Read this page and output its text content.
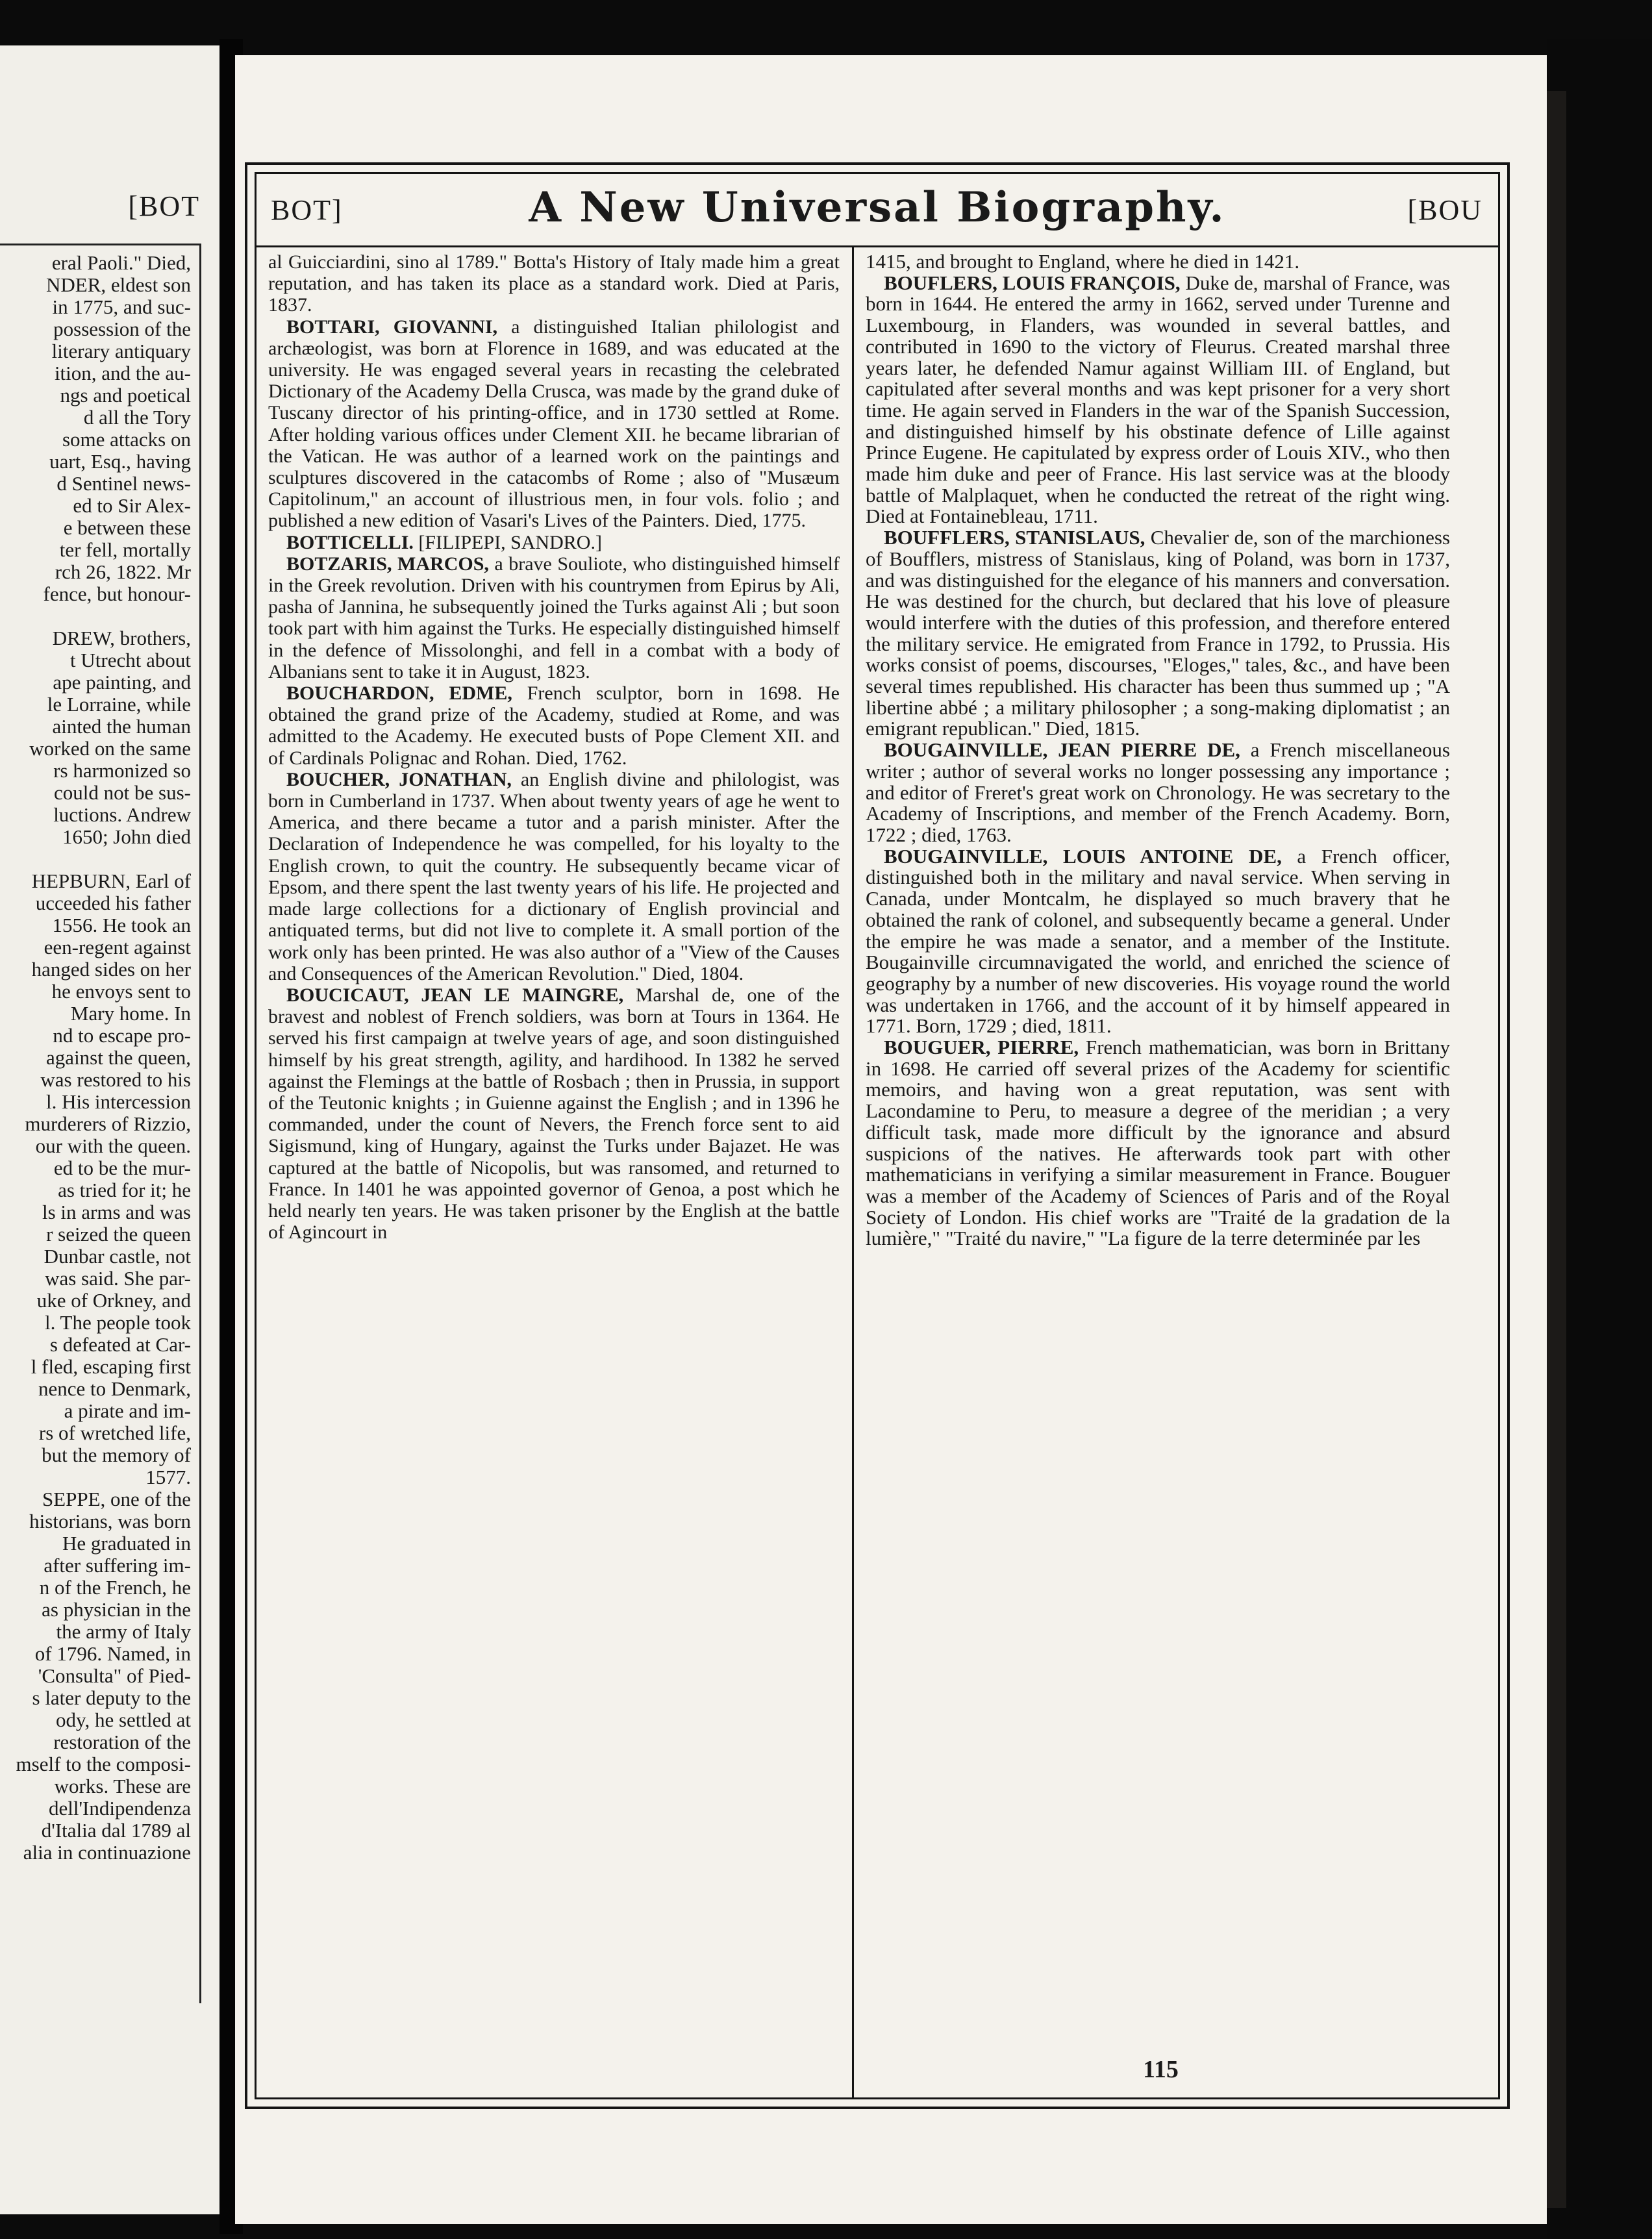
[BOT
eral Paoli." Died,
NDER, eldest son
in 1775, and suc-
possession of the
literary antiquary
ition, and the au-
ngs and poetical
d all the Tory
some attacks on
uart, Esq., having
d Sentinel news-
ed to Sir Alex-
e between these
ter fell, mortally
rch 26, 1822. Mr
fence, but honour-
DREW, brothers,
t Utrecht about
ape painting, and
le Lorraine, while
ainted the human
worked on the same
rs harmonized so
could not be sus-
luctions. Andrew
1650; John died
HEPBURN, Earl of
ucceeded his father
1556. He took an
een-regent against
hanged sides on her
he envoys sent to
Mary home. In
nd to escape pro-
against the queen,
was restored to his
l. His intercession
murderers of Rizzio,
our with the queen.
ed to be the mur-
as tried for it; he
ls in arms and was
r seized the queen
Dunbar castle, not
was said. She par-
uke of Orkney, and
l. The people took
s defeated at Car-
l fled, escaping first
nence to Denmark,
a pirate and im-
rs of wretched life,
but the memory of
1577.
SEPPE, one of the
historians, was born
He graduated in
after suffering im-
n of the French, he
as physician in the
the army of Italy
of 1796. Named, in
'Consulta" of Pied-
s later deputy to the
ody, he settled at
restoration of the
mself to the composi-
works. These are
dell'Indipendenza
d'Italia dal 1789 al
alia in continuazione
BOT]	A New Universal Biography.	[BOU

al Guicciardini, sino al 1789." Botta's History of Italy made him a great reputation, and has taken its place as a standard work. Died at Paris, 1837.

BOTTARI, GIOVANNI, a distinguished Italian philologist and archæologist, was born at Florence in 1689, and was educated at the university. He was engaged several years in recasting the celebrated Dictionary of the Academy Della Crusca, was made by the grand duke of Tuscany director of his printing-office, and in 1730 settled at Rome. After holding various offices under Clement XII. he became librarian of the Vatican. He was author of a learned work on the paintings and sculptures discovered in the catacombs of Rome ; also of "Musæum Capitolinum," an account of illustrious men, in four vols. folio ; and published a new edition of Vasari's Lives of the Painters. Died, 1775.

BOTTICELLI. [FILIPEPI, SANDRO.]

BOTZARIS, MARCOS, a brave Souliote, who distinguished himself in the Greek revolution. Driven with his countrymen from Epirus by Ali, pasha of Jannina, he subsequently joined the Turks against Ali ; but soon took part with him against the Turks. He especially distinguished himself in the defence of Missolonghi, and fell in a combat with a body of Albanians sent to take it in August, 1823.

BOUCHARDON, EDME, French sculptor, born in 1698. He obtained the grand prize of the Academy, studied at Rome, and was admitted to the Academy. He executed busts of Pope Clement XII. and of Cardinals Polignac and Rohan. Died, 1762.

BOUCHER, JONATHAN, an English divine and philologist, was born in Cumberland in 1737. When about twenty years of age he went to America, and there became a tutor and a parish minister. After the Declaration of Independence he was compelled, for his loyalty to the English crown, to quit the country. He subsequently became vicar of Epsom, and there spent the last twenty years of his life. He projected and made large collections for a dictionary of English provincial and antiquated terms, but did not live to complete it. A small portion of the work only has been printed. He was also author of a "View of the Causes and Consequences of the American Revolution." Died, 1804.

BOUCICAUT, JEAN LE MAINGRE, Marshal de, one of the bravest and noblest of French soldiers, was born at Tours in 1364. He served his first campaign at twelve years of age, and soon distinguished himself by his great strength, agility, and hardihood. In 1382 he served against the Flemings at the battle of Rosbach ; then in Prussia, in support of the Teutonic knights ; in Guienne against the English ; and in 1396 he commanded, under the count of Nevers, the French force sent to aid Sigismund, king of Hungary, against the Turks under Bajazet. He was captured at the battle of Nicopolis, but was ransomed, and returned to France. In 1401 he was appointed governor of Genoa, a post which he held nearly ten years. He was taken prisoner by the English at the battle of Agincourt in

1415, and brought to England, where he died in 1421.

BOUFLERS, LOUIS FRANÇOIS, Duke de, marshal of France, was born in 1644. He entered the army in 1662, served under Turenne and Luxembourg, in Flanders, was wounded in several battles, and contributed in 1690 to the victory of Fleurus. Created marshal three years later, he defended Namur against William III. of England, but capitulated after several months and was kept prisoner for a very short time. He again served in Flanders in the war of the Spanish Succession, and distinguished himself by his obstinate defence of Lille against Prince Eugene. He capitulated by express order of Louis XIV., who then made him duke and peer of France. His last service was at the bloody battle of Malplaquet, when he conducted the retreat of the right wing. Died at Fontainebleau, 1711.

BOUFFLERS, STANISLAUS, Chevalier de, son of the marchioness of Boufflers, mistress of Stanislaus, king of Poland, was born in 1737, and was distinguished for the elegance of his manners and conversation. He was destined for the church, but declared that his love of pleasure would interfere with the duties of this profession, and therefore entered the military service. He emigrated from France in 1792, to Prussia. His works consist of poems, discourses, "Eloges," tales, &c., and have been several times republished. His character has been thus summed up ; "A libertine abbé ; a military philosopher ; a song-making diplomatist ; an emigrant republican." Died, 1815.

BOUGAINVILLE, JEAN PIERRE DE, a French miscellaneous writer ; author of several works no longer possessing any importance ; and editor of Freret's great work on Chronology. He was secretary to the Academy of Inscriptions, and member of the French Academy. Born, 1722 ; died, 1763.

BOUGAINVILLE, LOUIS ANTOINE DE, a French officer, distinguished both in the military and naval service. When serving in Canada, under Montcalm, he displayed so much bravery that he obtained the rank of colonel, and subsequently became a general. Under the empire he was made a senator, and a member of the Institute. Bougainville circumnavigated the world, and enriched the science of geography by a number of new discoveries. His voyage round the world was undertaken in 1766, and the account of it by himself appeared in 1771. Born, 1729 ; died, 1811.

BOUGUER, PIERRE, French mathematician, was born in Brittany in 1698. He carried off several prizes of the Academy for scientific memoirs, and having won a great reputation, was sent with Lacondamine to Peru, to measure a degree of the meridian ; a very difficult task, made more difficult by the ignorance and absurd suspicions of the natives. He afterwards took part with other mathematicians in verifying a similar measurement in France. Bouguer was a member of the Academy of Sciences of Paris and of the Royal Society of London. His chief works are "Traité de la gradation de la lumière," "Traité du navire," "La figure de la terre determinée par les

115
